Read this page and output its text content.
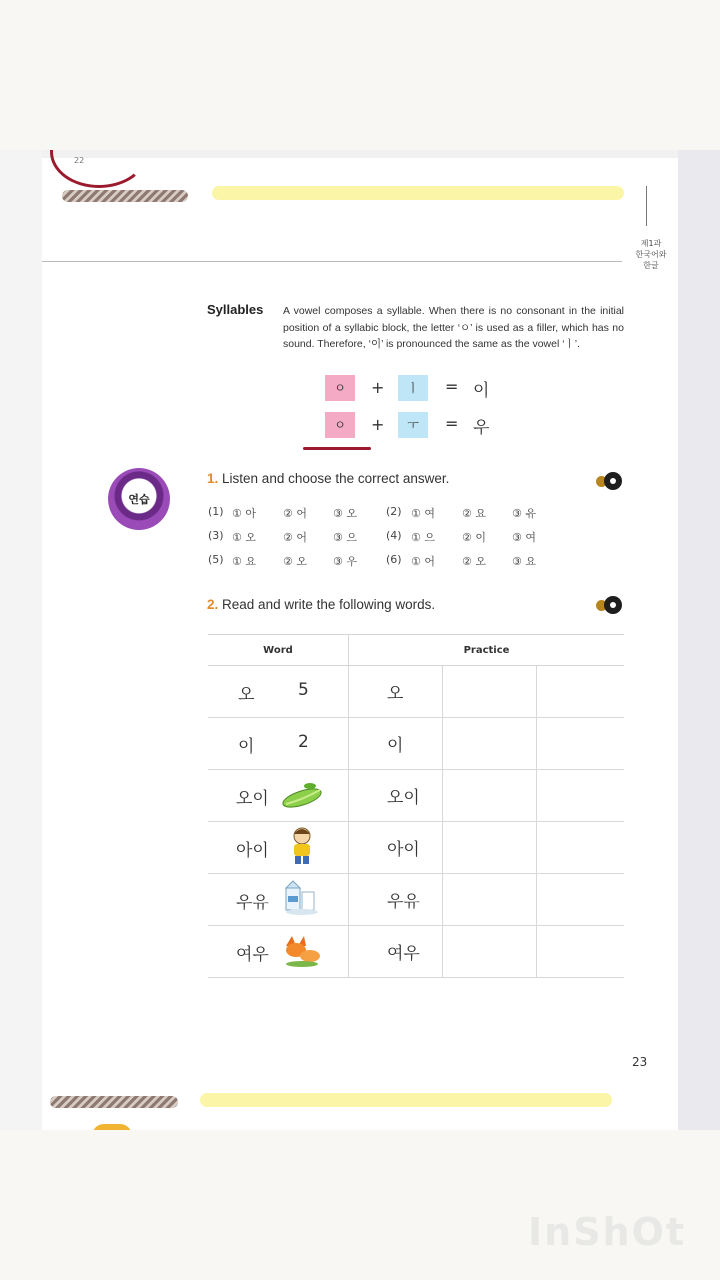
22
제1과
한국어와
한글
Syllables A vowel composes a syllable. When there is no consonant in the initial position of a syllabic block, the letter ‘ㅇ’ is used as a filler, which has no sound. Therefore, ‘이’ is pronounced the same as the vowel ‘ㅣ’.
ㅇ	+	ㅣ	= 이
ㅇ	+	ㅜ	= 우
연습
1. Listen and choose the correct answer.
(1) ① 아 ② 어 ③ 오	(2) ① 여 ② 요 ③ 유
(3) ① 오 ② 어 ③ 으	(4) ① 으 ② 이 ③ 여
(5) ① 요 ② 오 ③ 우	(6) ① 어 ② 오 ③ 요
2. Read and write the following words.
Word	Practice		

오 5	오		

이 2	이		

오이	오이		

아이	아이		

우유	우유		

여우	여우		
23
InShOt
